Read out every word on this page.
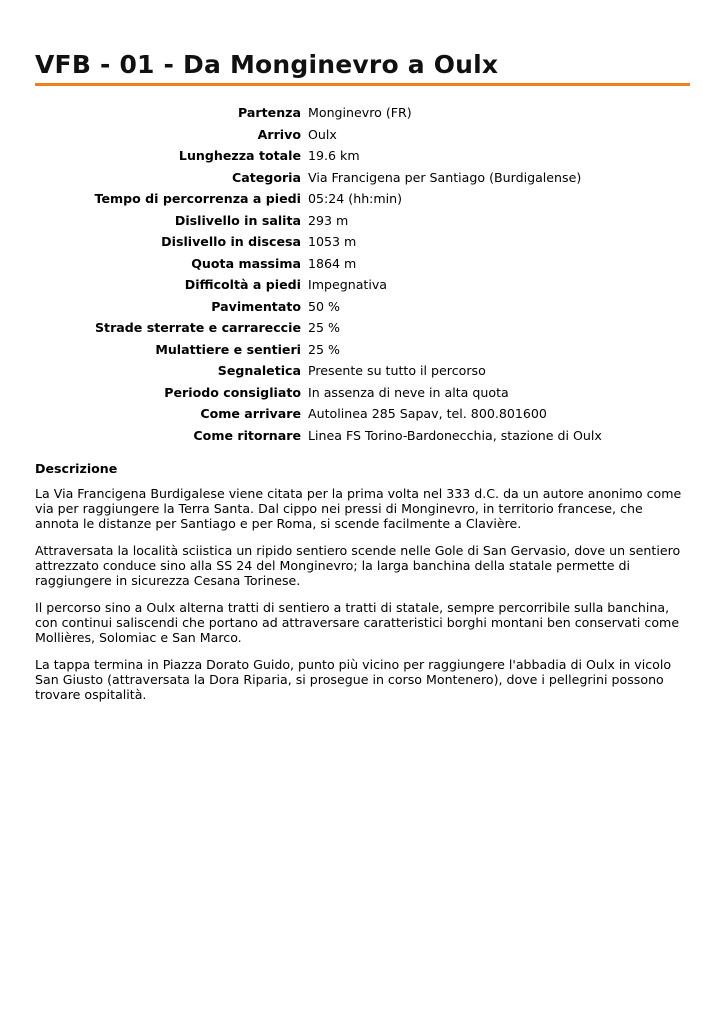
VFB - 01 - Da Monginevro a Oulx
Partenza	Monginevro (FR)
Arrivo	Oulx
Lunghezza totale	19.6 km
Categoria	Via Francigena per Santiago (Burdigalense)
Tempo di percorrenza a piedi	05:24 (hh:min)
Dislivello in salita	293 m
Dislivello in discesa	1053 m
Quota massima	1864 m
Difficoltà a piedi	Impegnativa
Pavimentato	50 %
Strade sterrate e carrareccie	25 %
Mulattiere e sentieri	25 %
Segnaletica	Presente su tutto il percorso
Periodo consigliato	In assenza di neve in alta quota
Come arrivare	Autolinea 285 Sapav, tel. 800.801600
Come ritornare	Linea FS Torino-Bardonecchia, stazione di Oulx
Descrizione

La Via Francigena Burdigalese viene citata per la prima volta nel 333 d.C. da un autore anonimo come via per raggiungere la Terra Santa. Dal cippo nei pressi di Monginevro, in territorio francese, che annota le distanze per Santiago e per Roma, si scende facilmente a Clavière.

Attraversata la località sciistica un ripido sentiero scende nelle Gole di San Gervasio, dove un sentiero attrezzato conduce sino alla SS 24 del Monginevro; la larga banchina della statale permette di raggiungere in sicurezza Cesana Torinese.

Il percorso sino a Oulx alterna tratti di sentiero a tratti di statale, sempre percorribile sulla banchina, con continui saliscendi che portano ad attraversare caratteristici borghi montani ben conservati come Mollières, Solomiac e San Marco.

La tappa termina in Piazza Dorato Guido, punto più vicino per raggiungere l'abbadia di Oulx in vicolo San Giusto (attraversata la Dora Riparia, si prosegue in corso Montenero), dove i pellegrini possono trovare ospitalità.
